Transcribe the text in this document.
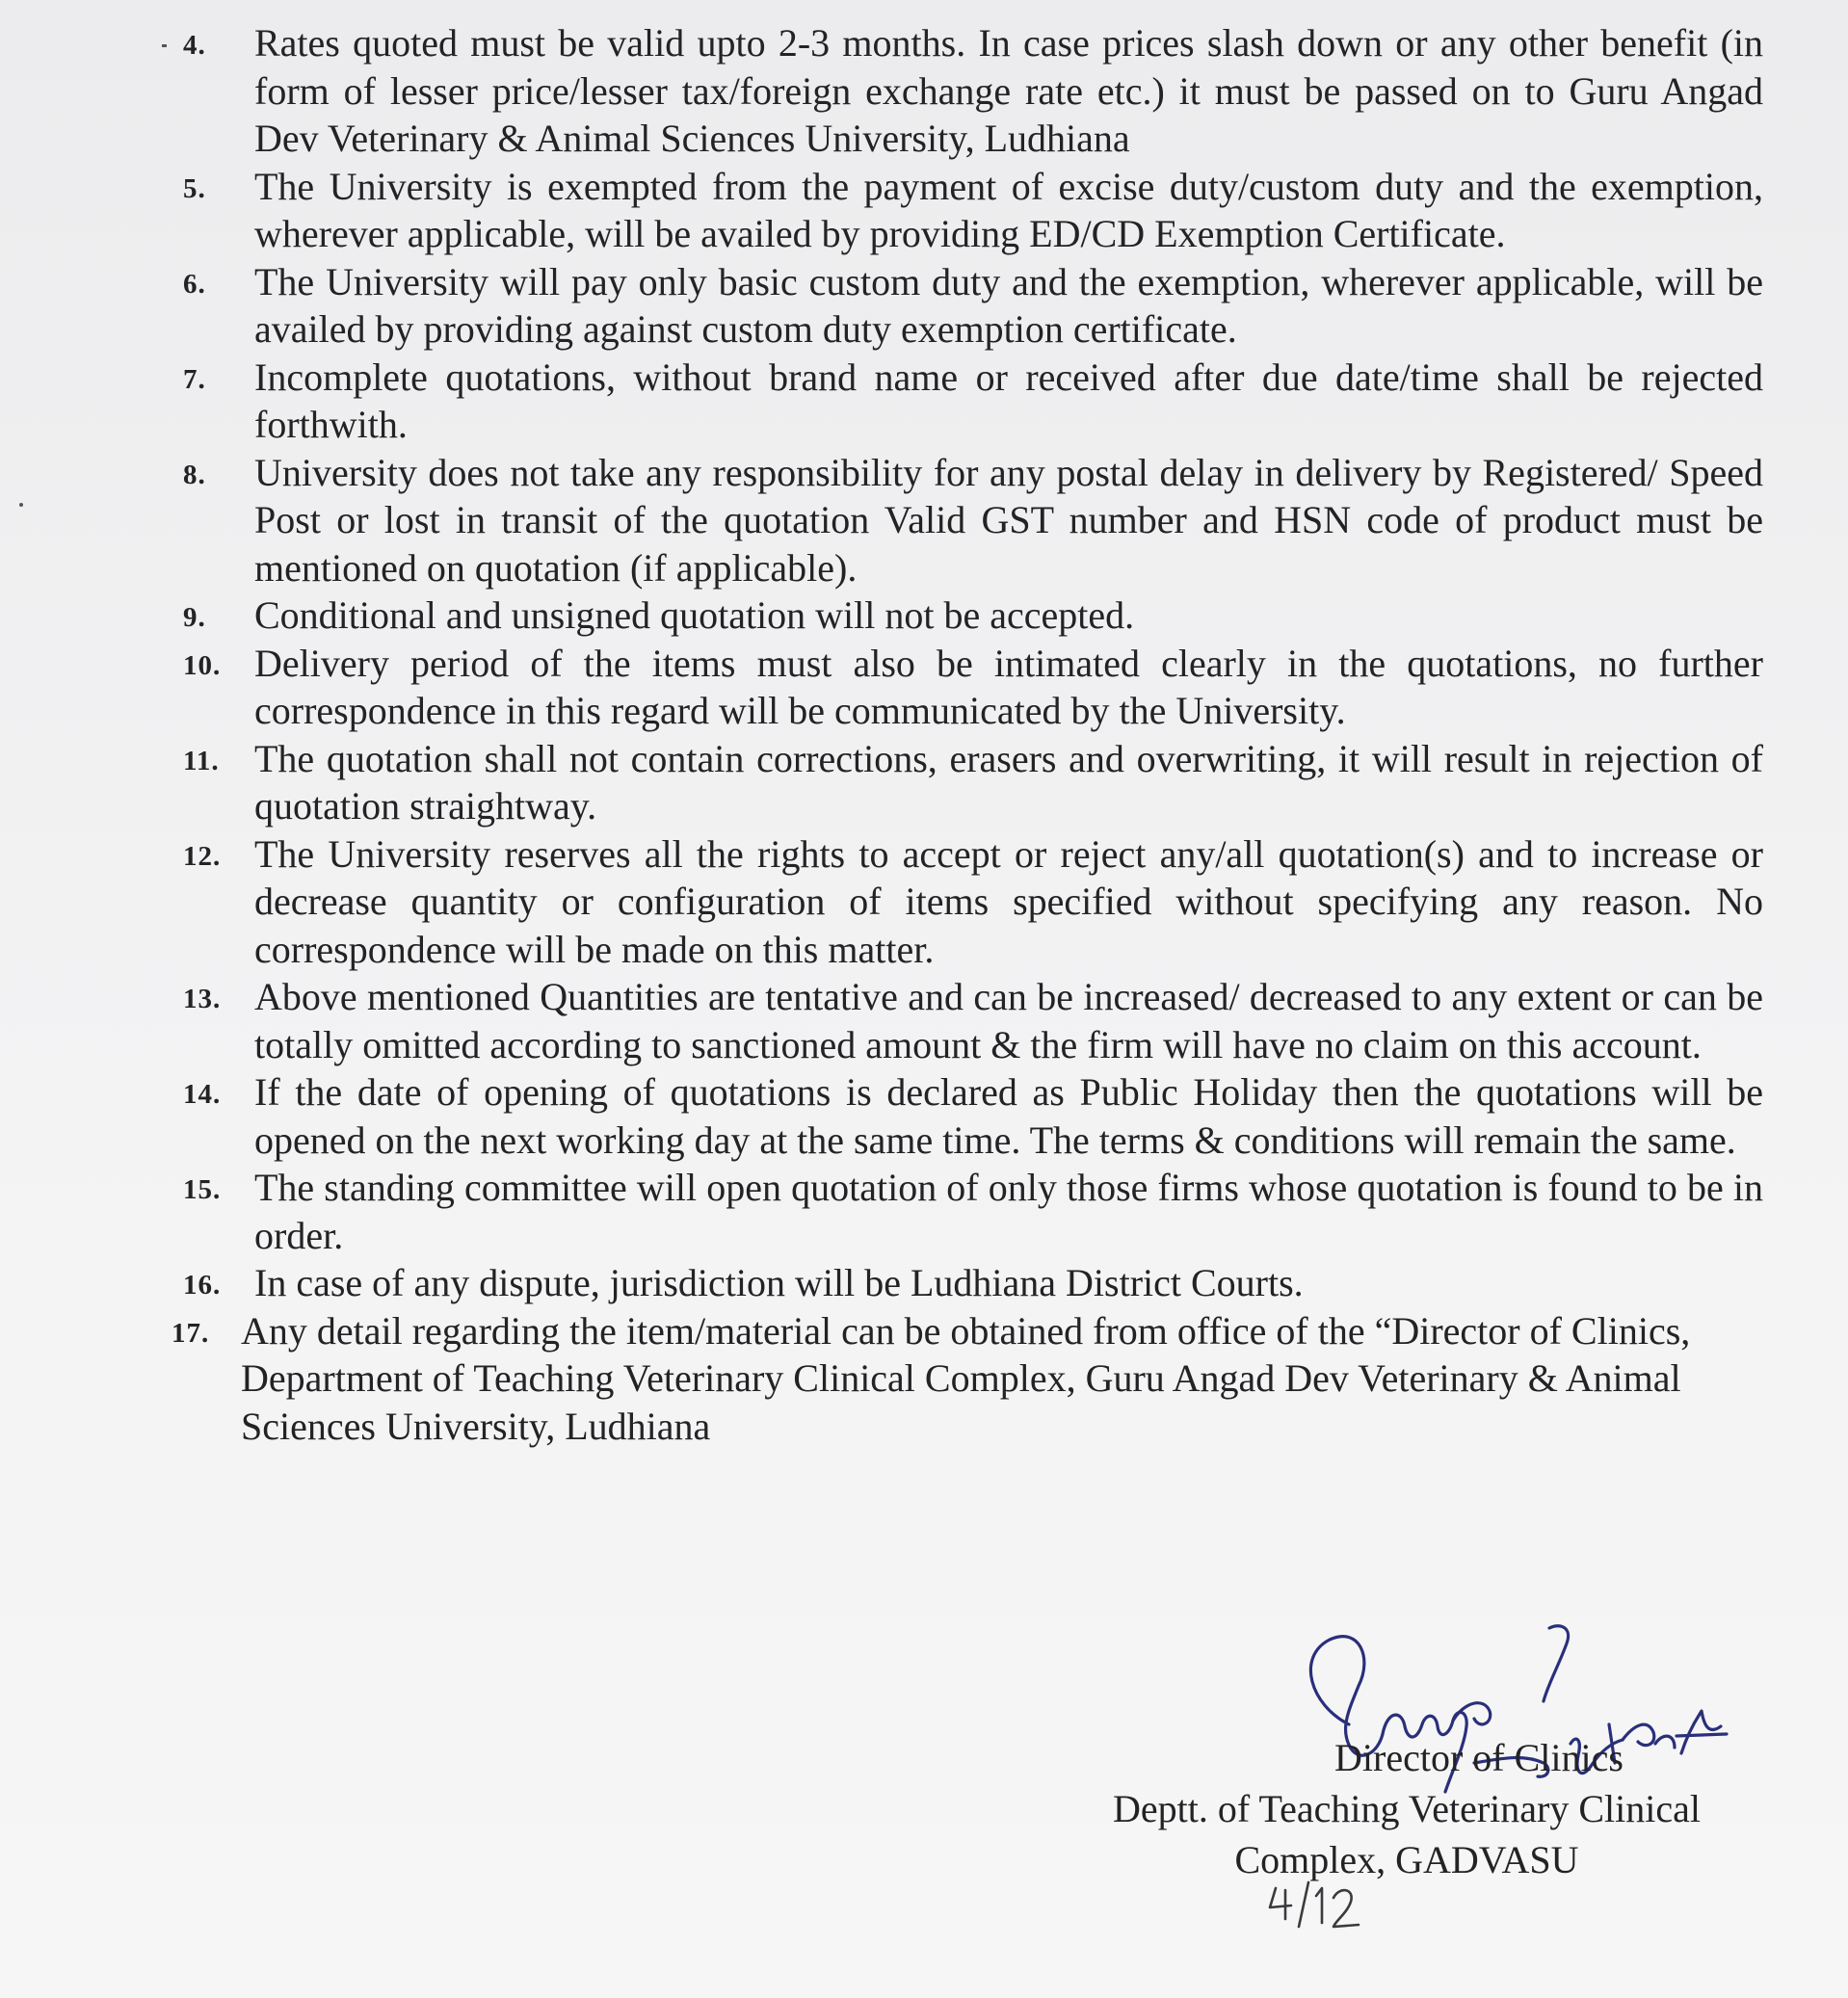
4. Rates quoted must be valid upto 2-3 months. In case prices slash down or any other benefit (in form of lesser price/lesser tax/foreign exchange rate etc.) it must be passed on to Guru Angad Dev Veterinary & Animal Sciences University, Ludhiana
5. The University is exempted from the payment of excise duty/custom duty and the exemption, wherever applicable, will be availed by providing ED/CD Exemption Certificate.
6. The University will pay only basic custom duty and the exemption, wherever applicable, will be availed by providing against custom duty exemption certificate.
7. Incomplete quotations, without brand name or received after due date/time shall be rejected forthwith.
8. University does not take any responsibility for any postal delay in delivery by Registered/ Speed Post or lost in transit of the quotation Valid GST number and HSN code of product must be mentioned on quotation (if applicable).
9. Conditional and unsigned quotation will not be accepted.
10. Delivery period of the items must also be intimated clearly in the quotations, no further correspondence in this regard will be communicated by the University.
11. The quotation shall not contain corrections, erasers and overwriting, it will result in rejection of quotation straightway.
12. The University reserves all the rights to accept or reject any/all quotation(s) and to increase or decrease quantity or configuration of items specified without specifying any reason. No correspondence will be made on this matter.
13. Above mentioned Quantities are tentative and can be increased/ decreased to any extent or can be totally omitted according to sanctioned amount & the firm will have no claim on this account.
14. If the date of opening of quotations is declared as Public Holiday then the quotations will be opened on the next working day at the same time. The terms & conditions will remain the same.
15. The standing committee will open quotation of only those firms whose quotation is found to be in order.
16. In case of any dispute, jurisdiction will be Ludhiana District Courts.
17. Any detail regarding the item/material can be obtained from office of the “Director of Clinics, Department of Teaching Veterinary Clinical Complex, Guru Angad Dev Veterinary & Animal Sciences University, Ludhiana
9/12/24
Director of Clinics
Deptt. of Teaching Veterinary Clinical
Complex, GADVASU
4/12
